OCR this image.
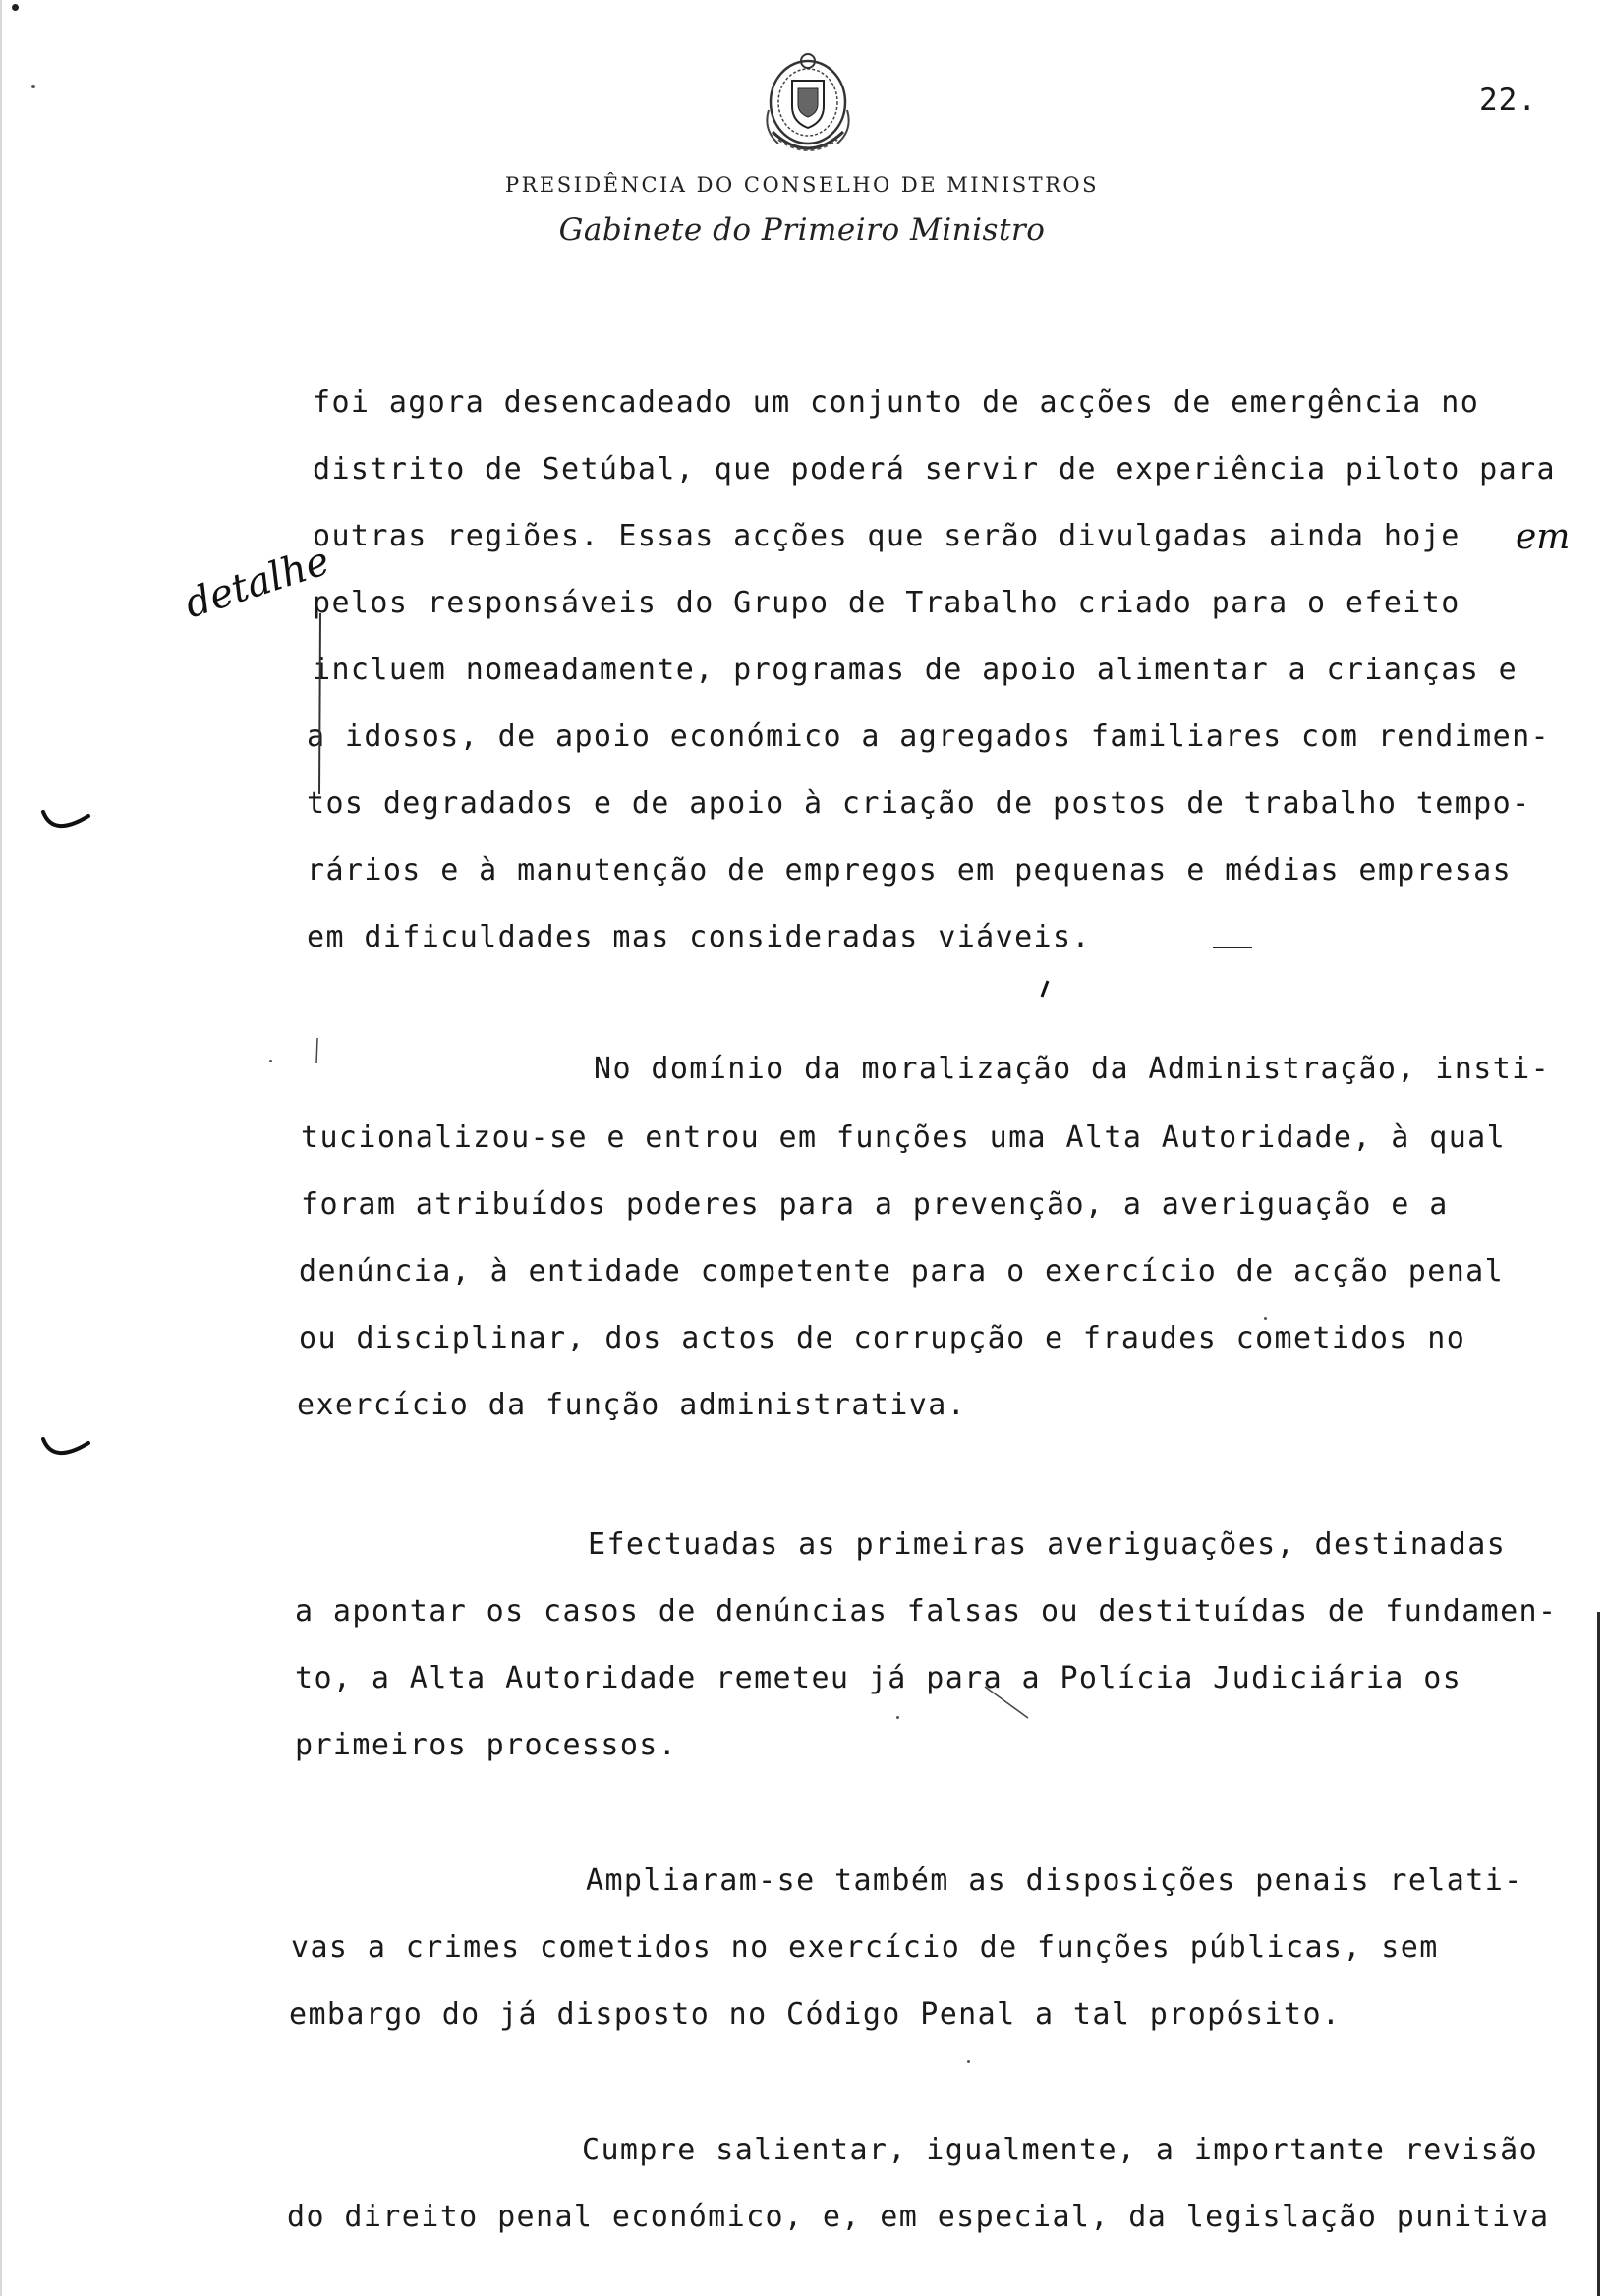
22.
PRESIDÊNCIA DO CONSELHO DE MINISTROS
Gabinete do Primeiro Ministro
foi agora desencadeado um conjunto de acções de emergência no
distrito de Setúbal, que poderá servir de experiência piloto para
outras regiões. Essas acções que serão divulgadas ainda hoje
pelos responsáveis do Grupo de Trabalho criado para o efeito
incluem nomeadamente, programas de apoio alimentar a crianças e
a idosos, de apoio económico a agregados familiares com rendimen-
tos degradados e de apoio à criação de postos de trabalho tempo-
rários e à manutenção de empregos em pequenas e médias empresas
em dificuldades mas consideradas viáveis.
No domínio da moralização da Administração, insti-
tucionalizou-se e entrou em funções uma Alta Autoridade, à qual
foram atribuídos poderes para a prevenção, a averiguação e a
denúncia, à entidade competente para o exercício de acção penal
ou disciplinar, dos actos de corrupção e fraudes cometidos no
exercício da função administrativa.
Efectuadas as primeiras averiguações, destinadas
a apontar os casos de denúncias falsas ou destituídas de fundamen-
to, a Alta Autoridade remeteu já para a Polícia Judiciária os
primeiros processos.
Ampliaram-se também as disposições penais relati-
vas a crimes cometidos no exercício de funções públicas, sem
embargo do já disposto no Código Penal a tal propósito.
Cumpre salientar, igualmente, a importante revisão
do direito penal económico, e, em especial, da legislação punitiva
detalhe
em
